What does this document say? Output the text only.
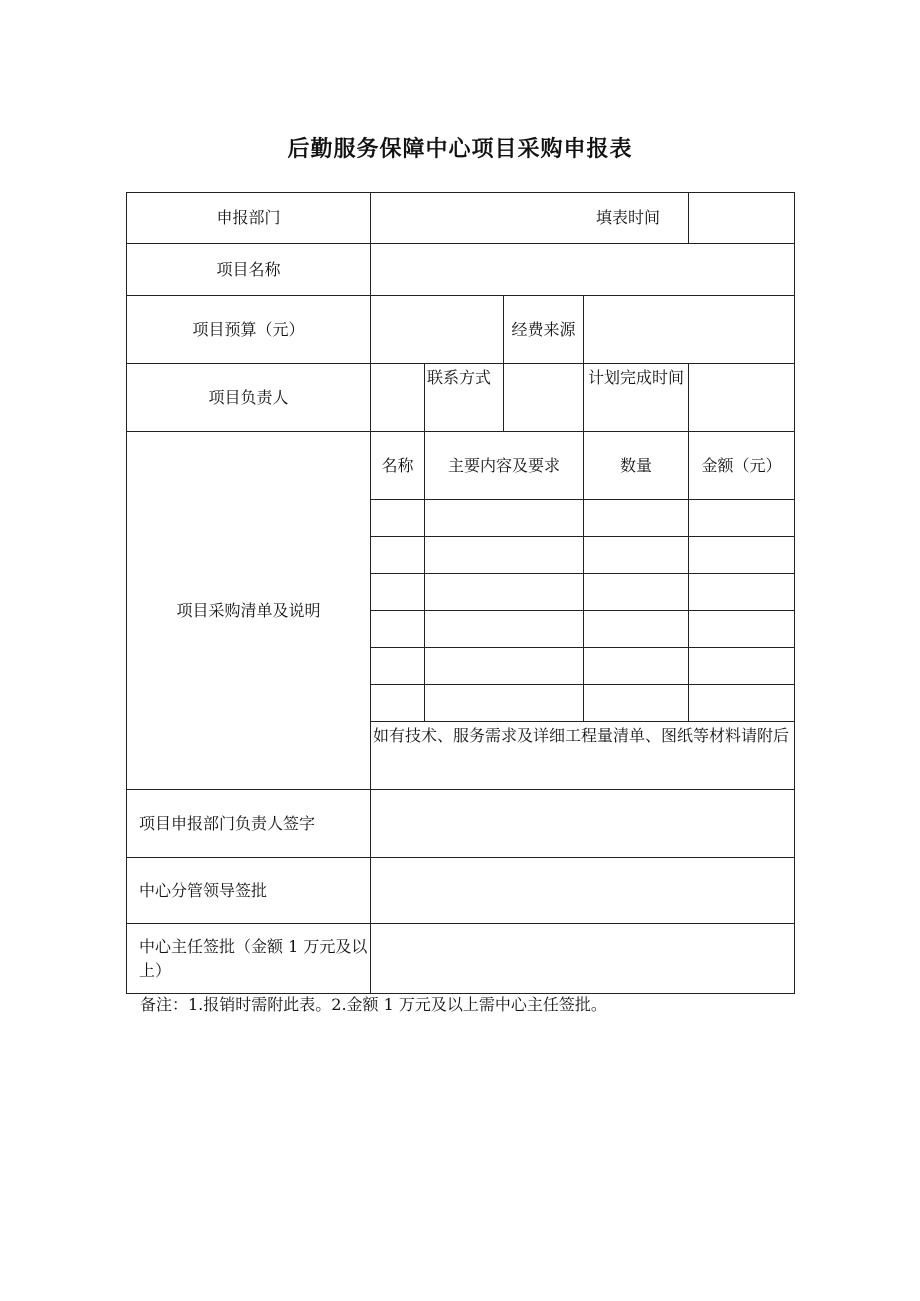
后勤服务保障中心项目采购申报表
申报部门	填表时间				
项目名称					
项目预算（元）			经费来源		
项目负责人		联系方式		计划完成时间	
项目采购清单及说明	名称	主要内容及要求		数量	金额（元）

	如有技术、服务需求及详细工程量清单、图纸等材料请附后				
项目申报部门负责人签字					
中心分管领导签批					
中心主任签批（金额 1 万元及以上）					
备注：1.报销时需附此表。2.金额 1 万元及以上需中心主任签批。
